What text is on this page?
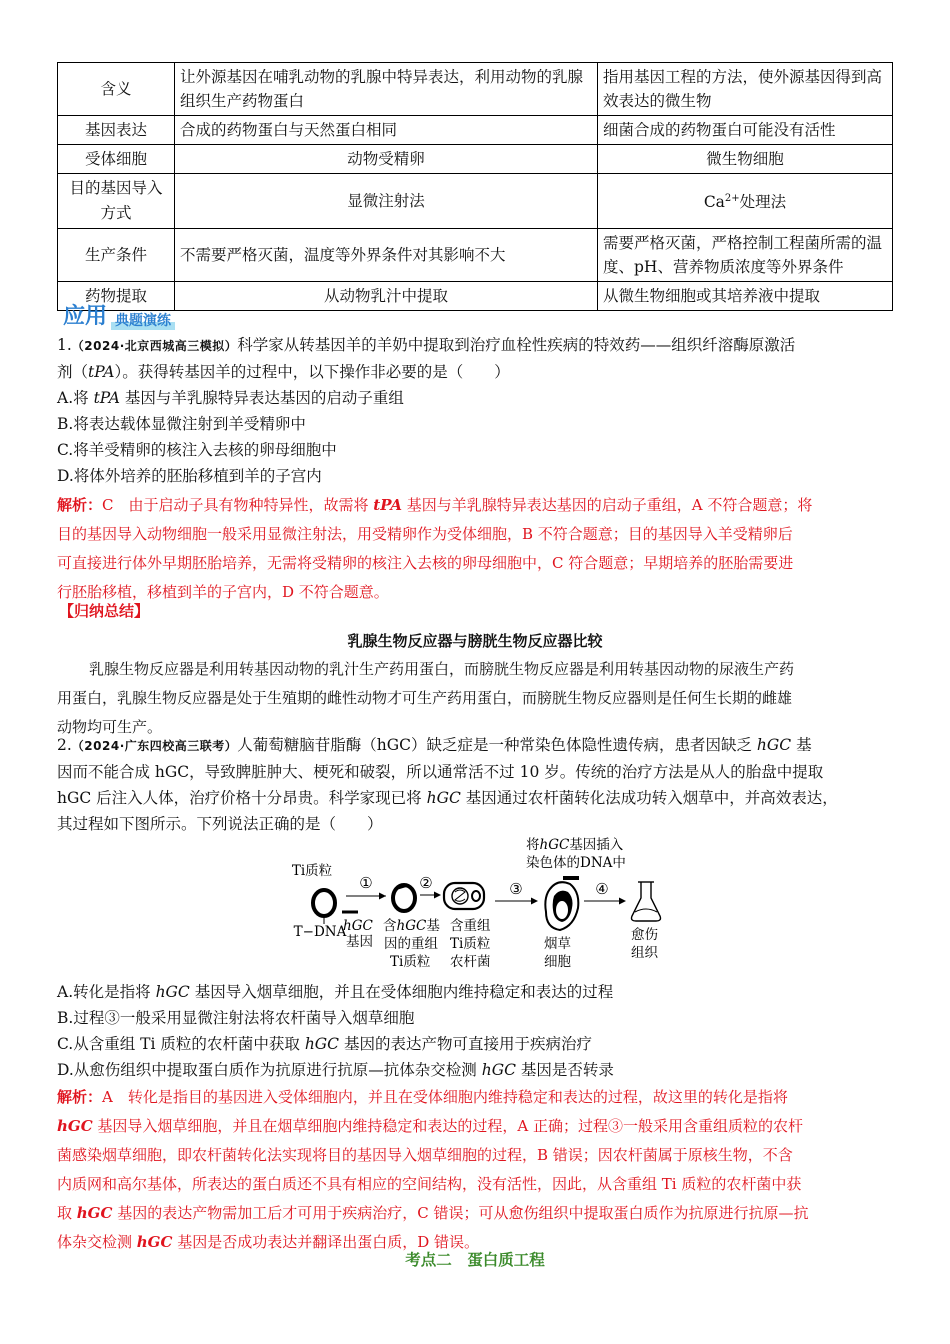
含义	让外源基因在哺乳动物的乳腺中特异表达，利用动物的乳腺组织生产药物蛋白	指用基因工程的方法，使外源基因得到高效表达的微生物
基因表达	合成的药物蛋白与天然蛋白相同	细菌合成的药物蛋白可能没有活性
受体细胞	动物受精卵	微生物细胞
目的基因导入方式	显微注射法	$Ca^{2+}$处理法
生产条件	不需要严格灭菌，温度等外界条件对其影响不大	需要严格灭菌，严格控制工程菌所需的温度、pH、营养物质浓度等外界条件
药物提取	从动物乳汁中提取	从微生物细胞或其培养液中提取
应用 典题演练
1.（2024·北京西城高三模拟）科学家从转基因羊的羊奶中提取到治疗血栓性疾病的特效药——组织纤溶酶原激活
剂（tPA）。获得转基因羊的过程中，以下操作非必要的是（　　）
A.将 tPA 基因与羊乳腺特异表达基因的启动子重组
B.将表达载体显微注射到羊受精卵中
C.将羊受精卵的核注入去核的卵母细胞中
D.将体外培养的胚胎移植到羊的子宫内
解析：C　由于启动子具有物种特异性，故需将 tPA 基因与羊乳腺特异表达基因的启动子重组，A 不符合题意；将
目的基因导入动物细胞一般采用显微注射法，用受精卵作为受体细胞，B 不符合题意；目的基因导入羊受精卵后
可直接进行体外早期胚胎培养，无需将受精卵的核注入去核的卵母细胞中，C 符合题意；早期培养的胚胎需要进
行胚胎移植，移植到羊的子宫内，D 不符合题意。
【归纳总结】
乳腺生物反应器与膀胱生物反应器比较
乳腺生物反应器是利用转基因动物的乳汁生产药用蛋白，而膀胱生物反应器是利用转基因动物的尿液生产药
用蛋白，乳腺生物反应器是处于生殖期的雌性动物才可生产药用蛋白，而膀胱生物反应器则是任何生长期的雌雄
动物均可生产。
2.（2024·广东四校高三联考）人葡萄糖脑苷脂酶（hGC）缺乏症是一种常染色体隐性遗传病，患者因缺乏 hGC 基
因而不能合成 hGC，导致脾脏肿大、梗死和破裂，所以通常活不过 10 岁。传统的治疗方法是从人的胎盘中提取
hGC 后注入人体，治疗价格十分昂贵。科学家现已将 hGC 基因通过农杆菌转化法成功转入烟草中，并高效表达，
其过程如下图所示。下列说法正确的是（　　）
Ti质粒
T−DNA
①
hGC
基因
含hGC基
因的重组
Ti质粒
②
含重组
Ti质粒
农杆菌
③
将hGC基因插入
染色体的DNA中
烟草
细胞
④
愈伤
组织
A.转化是指将 hGC 基因导入烟草细胞，并且在受体细胞内维持稳定和表达的过程
B.过程③一般采用显微注射法将农杆菌导入烟草细胞
C.从含重组 Ti 质粒的农杆菌中获取 hGC 基因的表达产物可直接用于疾病治疗
D.从愈伤组织中提取蛋白质作为抗原进行抗原—抗体杂交检测 hGC 基因是否转录
解析：A　转化是指目的基因进入受体细胞内，并且在受体细胞内维持稳定和表达的过程，故这里的转化是指将
hGC 基因导入烟草细胞，并且在烟草细胞内维持稳定和表达的过程，A 正确；过程③一般采用含重组质粒的农杆
菌感染烟草细胞，即农杆菌转化法实现将目的基因导入烟草细胞的过程，B 错误；因农杆菌属于原核生物，不含
内质网和高尔基体，所表达的蛋白质还不具有相应的空间结构，没有活性，因此，从含重组 Ti 质粒的农杆菌中获
取 hGC 基因的表达产物需加工后才可用于疾病治疗，C 错误；可从愈伤组织中提取蛋白质作为抗原进行抗原—抗
体杂交检测 hGC 基因是否成功表达并翻译出蛋白质，D 错误。
考点二　蛋白质工程
